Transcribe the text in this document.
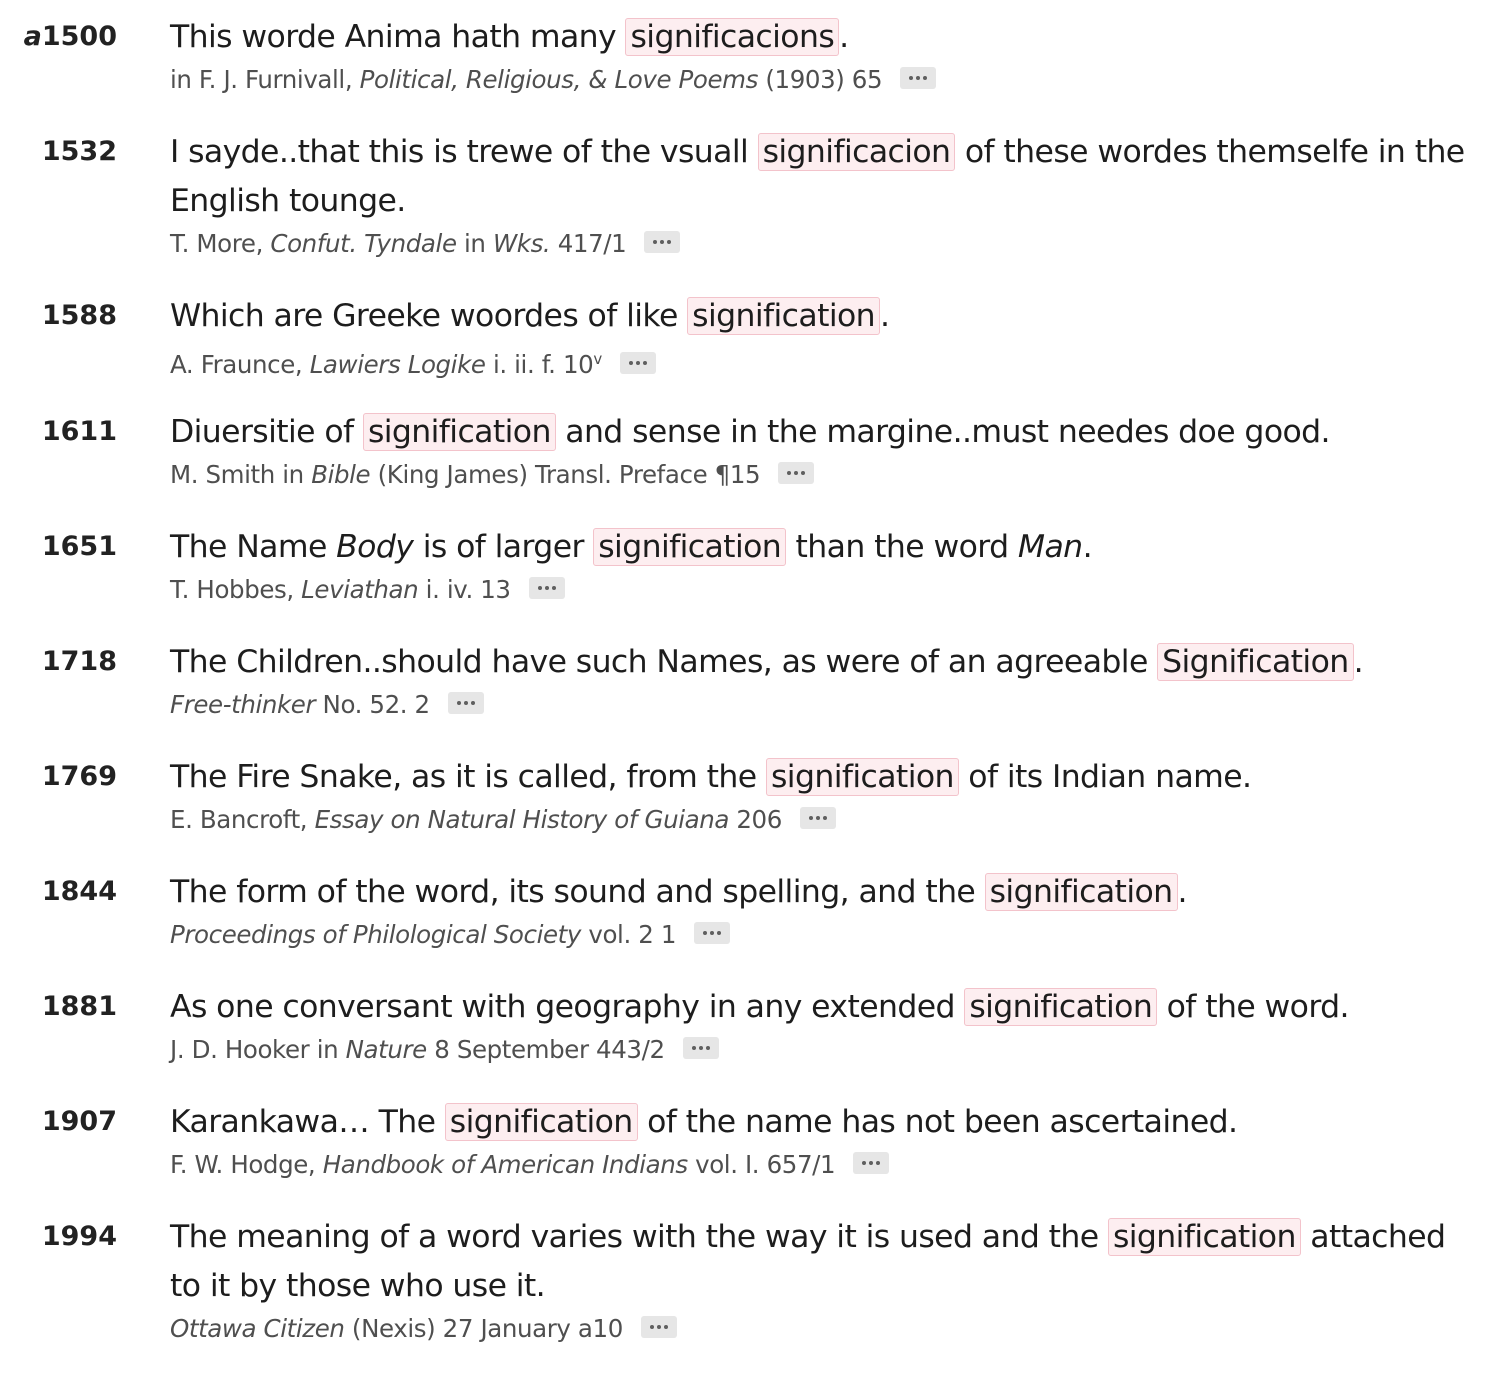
a1500 This worde Anima hath many significacions .

in F. J. Furnivall, Political, Religious, & Love Poems (1903) 65
1532 I sayde..that this is trewe of the vsuall significacion of these wordes themselfe in the English tounge.

T. More, Confut. Tyndale in Wks. 417/1
1588 Which are Greeke woordes of like signification .

A. Fraunce, Lawiers Logike i. ii. f. 10$^v$
1611 Diuersitie of signification and sense in the margine..must needes doe good.

M. Smith in Bible (King James) Transl. Preface ¶15
1651 The Name Body is of larger signification than the word Man.

T. Hobbes, Leviathan i. iv. 13
1718 The Children..should have such Names, as were of an agreeable Signification .

Free-thinker No. 52. 2
1769 The Fire Snake, as it is called, from the signification of its Indian name.

E. Bancroft, Essay on Natural History of Guiana 206
1844 The form of the word, its sound and spelling, and the signification .

Proceedings of Philological Society vol. 2 1
1881 As one conversant with geography in any extended signification of the word.

J. D. Hooker in Nature 8 September 443/2
1907 Karankawa… The signification of the name has not been ascertained.

F. W. Hodge, Handbook of American Indians vol. I. 657/1
1994 The meaning of a word varies with the way it is used and the signification attached to it by those who use it.

Ottawa Citizen (Nexis) 27 January a10
